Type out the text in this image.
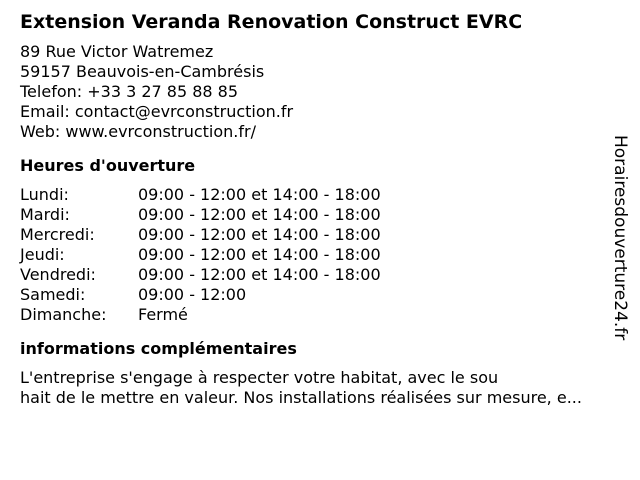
Extension Veranda Renovation Construct EVRC
89 Rue Victor Watremez
59157 Beauvois-en-Cambrésis
Telefon: +33 3 27 85 88 85
Email: contact@evrconstruction.fr
Web: www.evrconstruction.fr/
Heures d'ouverture
Lundi:	09:00 - 12:00 et 14:00 - 18:00
Mardi:	09:00 - 12:00 et 14:00 - 18:00
Mercredi:	09:00 - 12:00 et 14:00 - 18:00
Jeudi:	09:00 - 12:00 et 14:00 - 18:00
Vendredi:	09:00 - 12:00 et 14:00 - 18:00
Samedi:	09:00 - 12:00
Dimanche:	Fermé
informations complémentaires
L'entreprise s'engage à respecter votre habitat, avec le sou
hait de le mettre en valeur. Nos installations réalisées sur mesure, e...
Horairesdouverture24.fr
